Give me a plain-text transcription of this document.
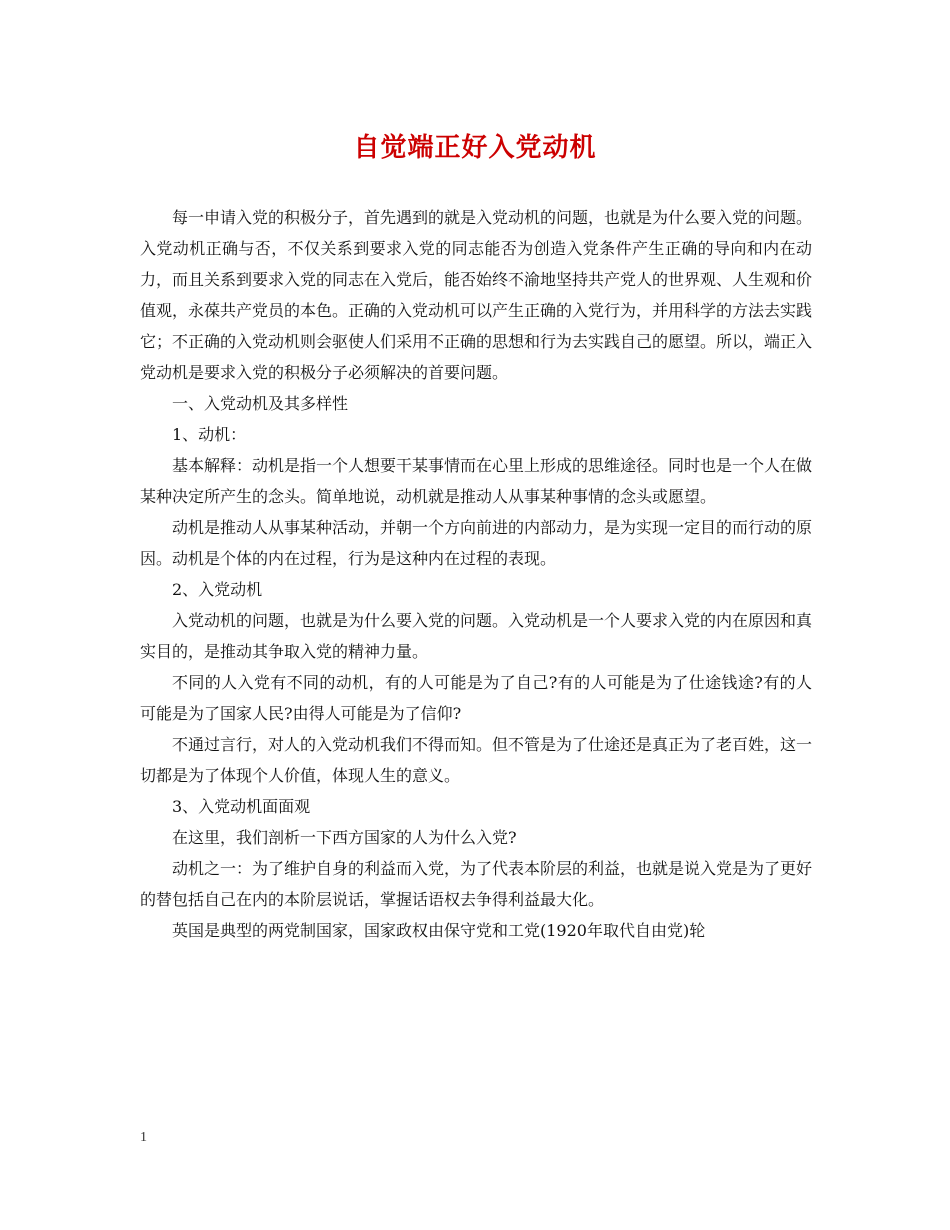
自觉端正好入党动机

每一申请入党的积极分子，首先遇到的就是入党动机的问题，也就是为什么要入党的问题。入党动机正确与否，不仅关系到要求入党的同志能否为创造入党条件产生正确的导向和内在动力，而且关系到要求入党的同志在入党后，能否始终不渝地坚持共产党人的世界观、人生观和价值观，永葆共产党员的本色。正确的入党动机可以产生正确的入党行为，并用科学的方法去实践它；不正确的入党动机则会驱使人们采用不正确的思想和行为去实践自己的愿望。所以，端正入党动机是要求入党的积极分子必须解决的首要问题。

一、入党动机及其多样性

1、动机：

基本解释：动机是指一个人想要干某事情而在心里上形成的思维途径。同时也是一个人在做某种决定所产生的念头。简单地说，动机就是推动人从事某种事情的念头或愿望。

动机是推动人从事某种活动，并朝一个方向前进的内部动力，是为实现一定目的而行动的原因。动机是个体的内在过程，行为是这种内在过程的表现。

2、入党动机

入党动机的问题，也就是为什么要入党的问题。入党动机是一个人要求入党的内在原因和真实目的，是推动其争取入党的精神力量。

不同的人入党有不同的动机，有的人可能是为了自己?有的人可能是为了仕途钱途?有的人可能是为了国家人民?由得人可能是为了信仰?

不通过言行，对人的入党动机我们不得而知。但不管是为了仕途还是真正为了老百姓，这一切都是为了体现个人价值，体现人生的意义。

3、入党动机面面观

在这里，我们剖析一下西方国家的人为什么入党?

动机之一：为了维护自身的利益而入党，为了代表本阶层的利益，也就是说入党是为了更好的替包括自己在内的本阶层说话，掌握话语权去争得利益最大化。

英国是典型的两党制国家，国家政权由保守党和工党(1920年取代自由党)轮

1
